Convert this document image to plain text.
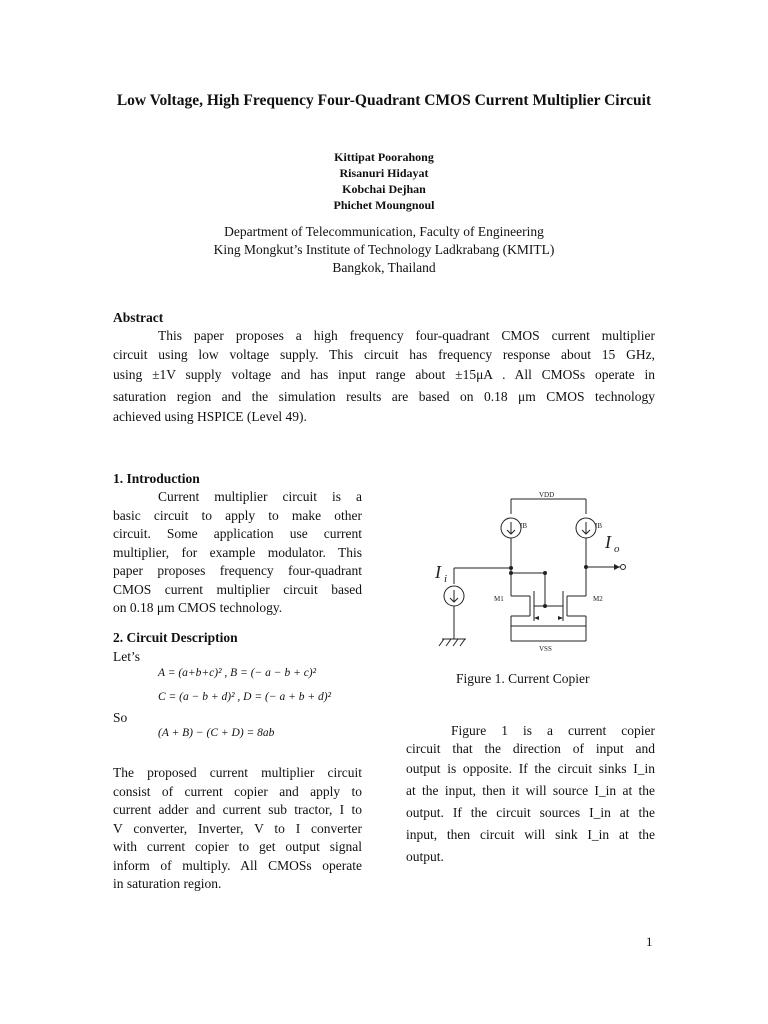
Low Voltage, High Frequency Four-Quadrant CMOS Current Multiplier Circuit
Kittipat Poorahong
Risanuri Hidayat
Kobchai Dejhan
Phichet Moungnoul
Department of Telecommunication, Faculty of Engineering
King Mongkut’s Institute of Technology Ladkrabang (KMITL)
Bangkok, Thailand
Abstract
This paper proposes a high frequency four-quadrant CMOS current multiplier
circuit using low voltage supply. This circuit has frequency response about 15 GHz,
using ±1V supply voltage and has input range about ±15μA . All CMOSs operate in
saturation region and the simulation results are based on 0.18 μm CMOS technology
achieved using HSPICE (Level 49).
1. Introduction
Current multiplier circuit is a
basic circuit to apply to make other
circuit. Some application use current
multiplier, for example modulator. This
paper proposes frequency four-quadrant
CMOS current multiplier circuit based
on 0.18 μm CMOS technology.
2. Circuit Description
Let’s
A = (a+b+c)² , B = (− a − b + c)²
C = (a − b + d)² , D = (− a + b + d)²
So
(A + B) − (C + D) = 8ab
The proposed current multiplier circuit
consist of current copier and apply to
current adder and current sub tractor, I to
V converter, Inverter, V to I converter
with current copier to get output signal
inform of multiply. All CMOSs operate
in saturation region.
VDD
VSS
IB	IB
M1	M2
I i
I o
Figure 1. Current Copier
Figure 1 is a current copier
circuit that the direction of input and
output is opposite. If the circuit sinks I_in
at the input, then it will source I_in at the
output. If the circuit sources I_in at the
input, then circuit will sink I_in at the
output.
1
